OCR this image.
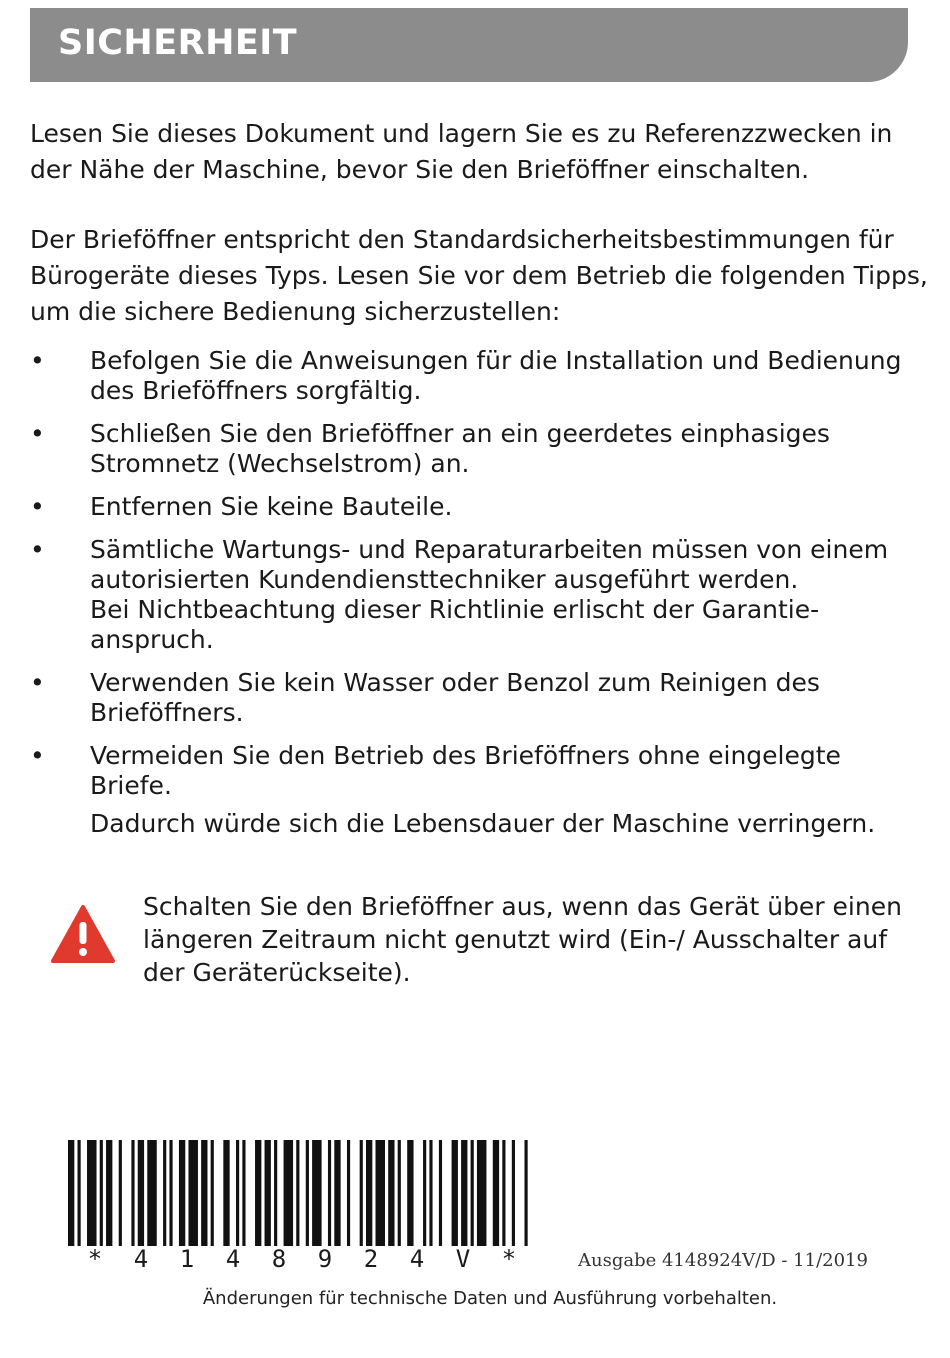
SICHERHEIT

Lesen Sie dieses Dokument und lagern Sie es zu Referenzzwecken in der Nähe der Maschine, bevor Sie den Brieföffner einschalten.

Der Brieföffner entspricht den Standardsicherheitsbestimmungen für Bürogeräte dieses Typs. Lesen Sie vor dem Betrieb die folgenden Tipps, um die sichere Bedienung sicherzustellen:

• Befolgen Sie die Anweisungen für die Installation und Bedienung des Brieföffners sorgfältig.
• Schließen Sie den Brieföffner an ein geerdetes einphasiges Stromnetz (Wechselstrom) an.
• Entfernen Sie keine Bauteile.
• Sämtliche Wartungs- und Reparaturarbeiten müssen von einem autorisierten Kundendiensttechniker ausgeführt werden.
Bei Nichtbeachtung dieser Richtlinie erlischt der Garantie-anspruch.
• Verwenden Sie kein Wasser oder Benzol zum Reinigen des Brieföffners.
• Vermeiden Sie den Betrieb des Brieföffners ohne eingelegte Briefe.
Dadurch würde sich die Lebensdauer der Maschine verringern.
Schalten Sie den Brieföffner aus, wenn das Gerät über einen längeren Zeitraum nicht genutzt wird (Ein-/ Ausschalter auf der Geräterückseite).
*	4	1	4	8	9	2	4	V	*	Ausgabe 4148924V/D - 11/2019
Änderungen für technische Daten und Ausführung vorbehalten.
